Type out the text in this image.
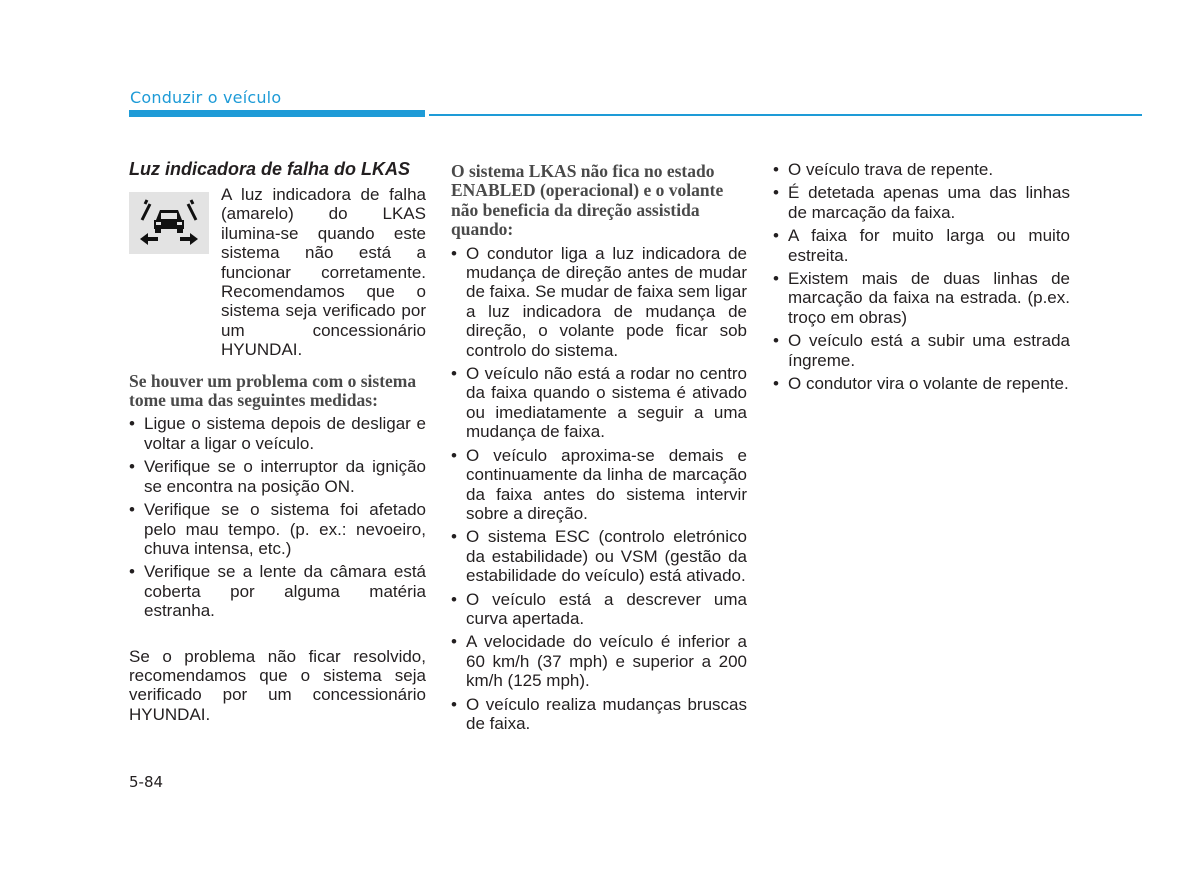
Conduzir o veículo
Luz indicadora de falha do LKAS
A luz indicadora de falha (amarelo) do LKAS ilumina-se quando este sistema não está a funcionar corretamente. Recomendamos que o sistema seja verificado por um concessionário HYUNDAI.
Se houver um problema com o sistema tome uma das seguintes medidas:
• Ligue o sistema depois de desligar e voltar a ligar o veículo.
• Verifique se o interruptor da ignição se encontra na posição ON.
• Verifique se o sistema foi afetado pelo mau tempo. (p. ex.: nevoeiro, chuva intensa, etc.)
• Verifique se a lente da câmara está coberta por alguma matéria estranha.

Se o problema não ficar resolvido, recomendamos que o sistema seja verificado por um concessionário HYUNDAI.

O sistema LKAS não fica no estado ENABLED (operacional) e o volante não beneficia da direção assistida quando:
• O condutor liga a luz indicadora de mudança de direção antes de mudar de faixa. Se mudar de faixa sem ligar a luz indicadora de mudança de direção, o volante pode ficar sob controlo do sistema.
• O veículo não está a rodar no centro da faixa quando o sistema é ativado ou imediatamente a seguir a uma mudança de faixa.
• O veículo aproxima-se demais e continuamente da linha de marcação da faixa antes do sistema intervir sobre a direção.
• O sistema ESC (controlo eletrónico da estabilidade) ou VSM (gestão da estabilidade do veículo) está ativado.
• O veículo está a descrever uma curva apertada.
• A velocidade do veículo é inferior a 60 km/h (37 mph) e superior a 200 km/h (125 mph).
• O veículo realiza mudanças bruscas de faixa.
• O veículo trava de repente.
• É detetada apenas uma das linhas de marcação da faixa.
• A faixa for muito larga ou muito estreita.
• Existem mais de duas linhas de marcação da faixa na estrada. (p.ex. troço em obras)
• O veículo está a subir uma estrada íngreme.
• O condutor vira o volante de repente.
5-84
